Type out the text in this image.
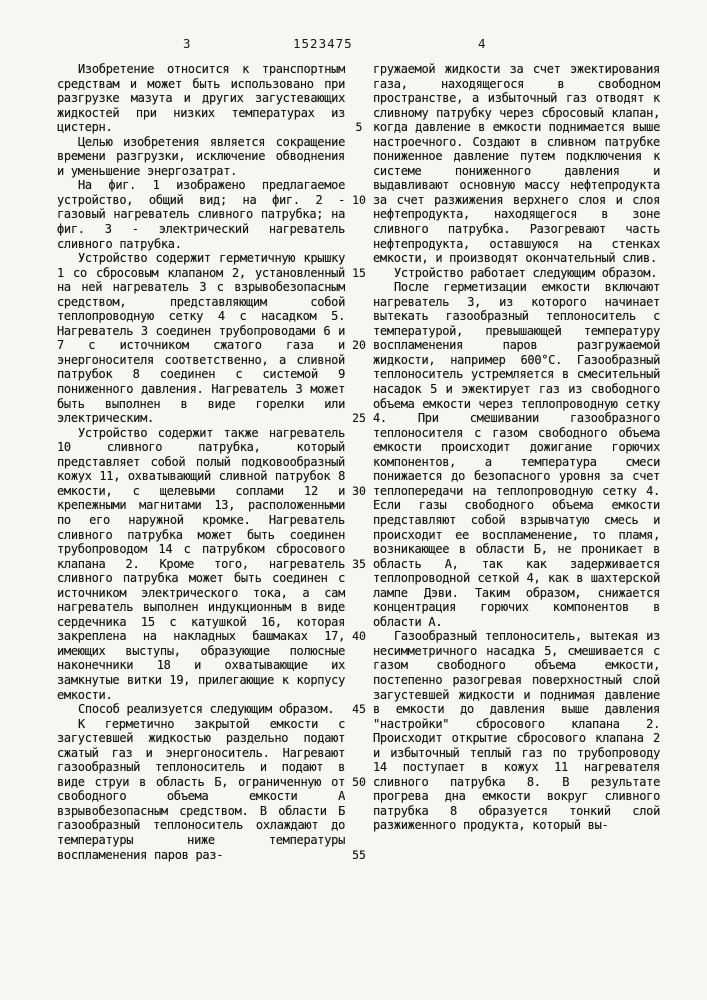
3	1523475	4

Изобретение относится к транспортным средствам и может быть использовано при разгрузке мазута и других загустевающих жидкостей при низких температурах из цистерн.

Целью изобретения является сокращение времени разгрузки, исключение обводнения и уменьшение энергозатрат.

На фиг. 1 изображено предлагаемое устройство, общий вид; на фиг. 2 - газовый нагреватель сливного патрубка; на фиг. 3 - электрический нагреватель сливного патрубка.

Устройство содержит герметичную крышку 1 со сбросовым клапаном 2, установленный на ней нагреватель 3 с взрывобезопасным средством, представляющим собой теплопроводную сетку 4 с насадком 5. Нагреватель 3 соединен трубопроводами 6 и 7 с источником сжатого газа и энергоносителя соответственно, а сливной патрубок 8 соединен с системой 9 пониженного давления. Нагреватель 3 может быть выполнен в виде горелки или электрическим.

Устройство содержит также нагреватель 10 сливного патрубка, который представляет собой полый подковообразный кожух 11, охватывающий сливной патрубок 8 емкости, с щелевыми соплами 12 и крепежными магнитами 13, расположенными по его наружной кромке. Нагреватель сливного патрубка может быть соединен трубопроводом 14 с патрубком сбросового клапана 2. Кроме того, нагреватель сливного патрубка может быть соединен с источником электрического тока, а сам нагреватель выполнен индукционным в виде сердечника 15 с катушкой 16, которая закреплена на накладных башмаках 17, имеющих выступы, образующие полюсные наконечники 18 и охватывающие их замкнутые витки 19, прилегающие к корпусу емкости.

Способ реализуется следующим образом.

К герметично закрытой емкости с загустевшей жидкостью раздельно подают сжатый газ и энергоноситель. Нагревают газообразный теплоноситель и подают в виде струи в область Б, ограниченную от свободного объема емкости А взрывобезопасным средством. В области Б газообразный теплоноситель охлаждают до температуры ниже температуры воспламенения паров раз-

5
10
15
20
25
30
35
40
45
50
55

гружаемой жидкости за счет эжектирования газа, находящегося в свободном пространстве, а избыточный газ отводят к сливному патрубку через сбросовый клапан, когда давление в емкости поднимается выше настроечного. Создают в сливном патрубке пониженное давление путем подключения к системе пониженного давления и выдавливают основную массу нефтепродукта за счет разжижения верхнего слоя и слоя нефтепродукта, находящегося в зоне сливного патрубка. Разогревают часть нефтепродукта, оставшуюся на стенках емкости, и производят окончательный слив.

Устройство работает следующим образом.

После герметизации емкости включают нагреватель 3, из которого начинает вытекать газообразный теплоноситель с температурой, превышающей температуру воспламенения паров разгружаемой жидкости, например 600°С. Газообразный теплоноситель устремляется в смесительный насадок 5 и эжектирует газ из свободного объема емкости через теплопроводную сетку 4. При смешивании газообразного теплоносителя с газом свободного объема емкости происходит дожигание горючих компонентов, а температура смеси понижается до безопасного уровня за счет теплопередачи на теплопроводную сетку 4. Если газы свободного объема емкости представляют собой взрывчатую смесь и происходит ее воспламенение, то пламя, возникающее в области Б, не проникает в область А, так как задерживается теплопроводной сеткой 4, как в шахтерской лампе Дэви. Таким образом, снижается концентрация горючих компонентов в области А.

Газообразный теплоноситель, вытекая из несимметричного насадка 5, смешивается с газом свободного объема емкости, постепенно разогревая поверхностный слой загустевшей жидкости и поднимая давление в емкости до давления выше давления "настройки" сбросового клапана 2. Происходит открытие сбросового клапана 2 и избыточный теплый газ по трубопроводу 14 поступает в кожух 11 нагревателя сливного патрубка 8. В результате прогрева дна емкости вокруг сливного патрубка 8 образуется тонкий слой разжиженного продукта, который вы-
